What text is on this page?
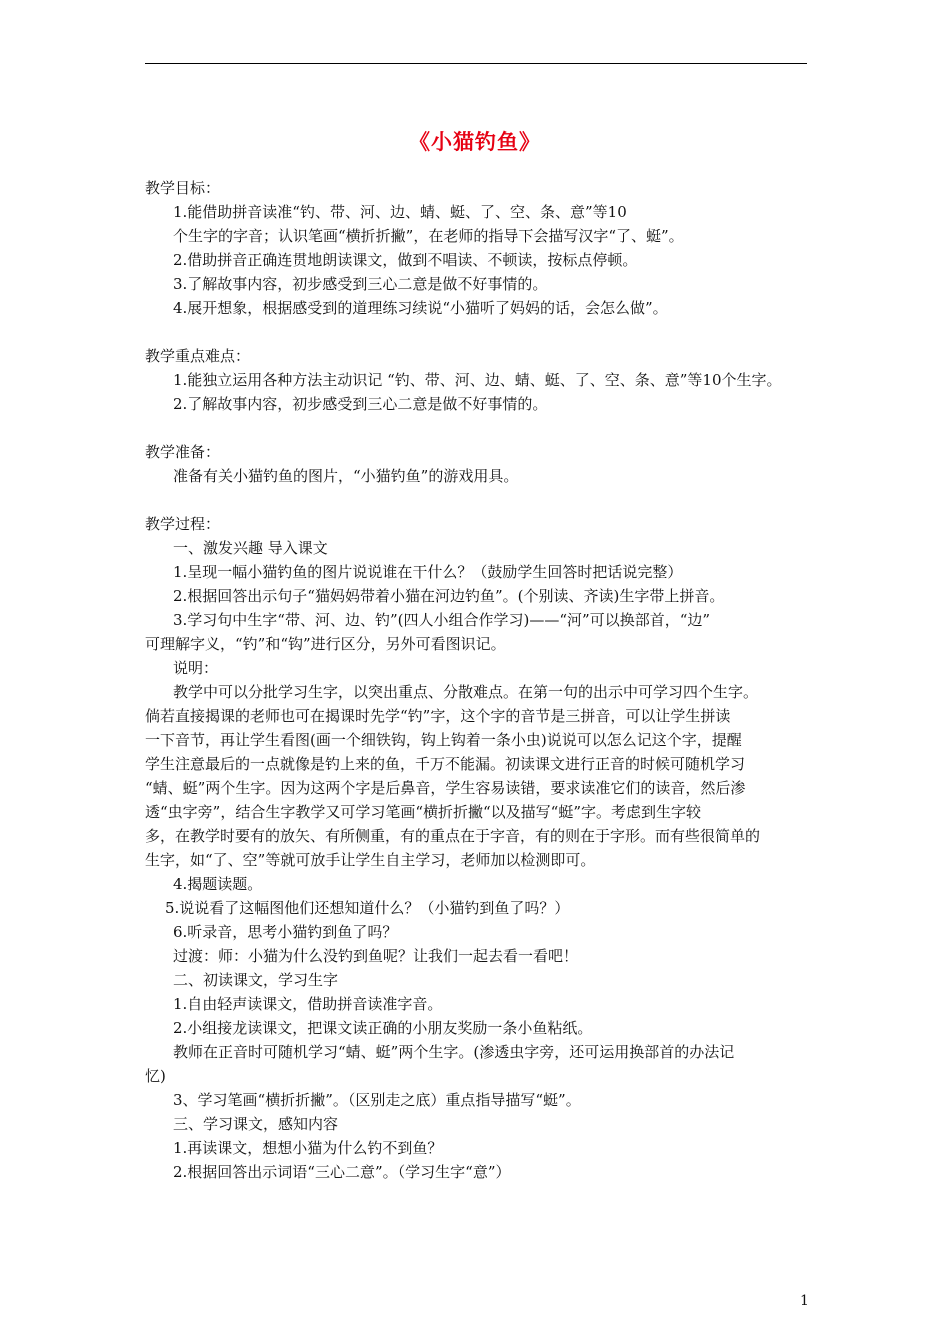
《小猫钓鱼》
教学目标：
1.能借助拼音读准“钓、带、河、边、蜻、蜓、了、空、条、意”等10
个生字的字音；认识笔画“横折折撇”，在老师的指导下会描写汉字“了、蜓”。
2.借助拼音正确连贯地朗读课文，做到不唱读、不顿读，按标点停顿。
3.了解故事内容，初步感受到三心二意是做不好事情的。
4.展开想象，根据感受到的道理练习续说“小猫听了妈妈的话，会怎么做”。
教学重点难点：
1.能独立运用各种方法主动识记 “钓、带、河、边、蜻、蜓、了、空、条、意”等10个生字。
2.了解故事内容，初步感受到三心二意是做不好事情的。
教学准备：
准备有关小猫钓鱼的图片，“小猫钓鱼”的游戏用具。
教学过程：
一、激发兴趣 导入课文
1.呈现一幅小猫钓鱼的图片说说谁在干什么？（鼓励学生回答时把话说完整）
2.根据回答出示句子“猫妈妈带着小猫在河边钓鱼”。(个别读、齐读)生字带上拼音。
3.学习句中生字“带、河、边、钓”(四人小组合作学习)——“河”可以换部首，“边”
可理解字义，“钓”和“钩”进行区分，另外可看图识记。
说明：
教学中可以分批学习生字，以突出重点、分散难点。在第一句的出示中可学习四个生字。
倘若直接揭课的老师也可在揭课时先学“钓”字，这个字的音节是三拼音，可以让学生拼读
一下音节，再让学生看图(画一个细铁钩，钩上钩着一条小虫)说说可以怎么记这个字，提醒
学生注意最后的一点就像是钓上来的鱼，千万不能漏。初读课文进行正音的时候可随机学习
“蜻、蜓”两个生字。因为这两个字是后鼻音，学生容易读错，要求读准它们的读音，然后渗
透“虫字旁”，结合生字教学又可学习笔画“横折折撇“以及描写“蜓”字。考虑到生字较
多，在教学时要有的放矢、有所侧重，有的重点在于字音，有的则在于字形。而有些很简单的
生字，如“了、空”等就可放手让学生自主学习，老师加以检测即可。
4.揭题读题。
5.说说看了这幅图他们还想知道什么？（小猫钓到鱼了吗？）
6.听录音，思考小猫钓到鱼了吗？
过渡：师：小猫为什么没钓到鱼呢？让我们一起去看一看吧！
二、初读课文，学习生字
1.自由轻声读课文，借助拼音读准字音。
2.小组接龙读课文，把课文读正确的小朋友奖励一条小鱼粘纸。
教师在正音时可随机学习“蜻、蜓”两个生字。(渗透虫字旁，还可运用换部首的办法记
忆)
3、学习笔画“横折折撇”。（区别走之底）重点指导描写“蜓”。
三、学习课文，感知内容
1.再读课文，想想小猫为什么钓不到鱼？
2.根据回答出示词语“三心二意”。（学习生字“意”）
1
